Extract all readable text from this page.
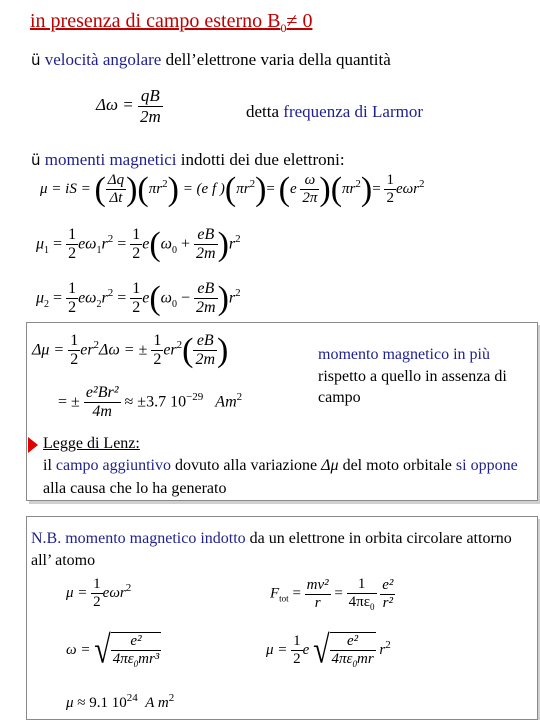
in presenza di campo esterno $B_0\ne 0$
ü velocità angolare dell’elettrone varia della quantità
$\Delta\omega = \frac{qB}{2m}$	detta frequenza di Larmor
ü momenti magnetici indotti dei due elettroni:
μ = iS = ( $\frac{\Delta q}{\Delta t} )(\pi r^2) = (e$ f )$(\pi r^2)= (e \frac{\omega}{2\pi} )(\pi r^2)= \frac{1}{2} e\omega r^2$
$\mu_1 = \frac{1}{2} e\omega_1r^2 = \frac{1}{2} e(\omega_0 + \frac{eB}{2m} )r^2$
$\mu_2 = \frac{1}{2} e\omega_2r^2 = \frac{1}{2} e(\omega_0 - \frac{eB}{2m} )r^2$
$\Delta\mu = \frac{1}{2} er^2\Delta\omega$ = ± $\frac{1}{2} er^2( \frac{eB}{2m}$ )
= ± $\frac{\text{e²Br²}}{4m} \approx \pm 3.7$ $10^{-29}$ Am$^2$
momento magnetico in più rispetto a quello in assenza di campo
Legge di Lenz:
il campo aggiuntivo dovuto alla variazione Δμ del moto orbitale si oppone alla causa che lo ha generato
N.B. momento magnetico indotto da un elettrone in orbita circolare attorno all’ atomo
$\mu = \frac{1}{2} e\omega r^2$	$F_{tot} = \frac{\text{mv²}}{r} = \frac{1}{4\pi\varepsilon_0}$
$\frac{\text{e²}}{\text{r²}}$
ω = √ $\frac{\text{e²}}{4\pi\varepsilon_0mr^3}$	$\mu = \frac{1}{2}$ e √ $\frac{\text{e²}}{4\pi\varepsilon_0mr} r^2$
μ ≈ 9.1 $10^{24}$ A $m^2$
